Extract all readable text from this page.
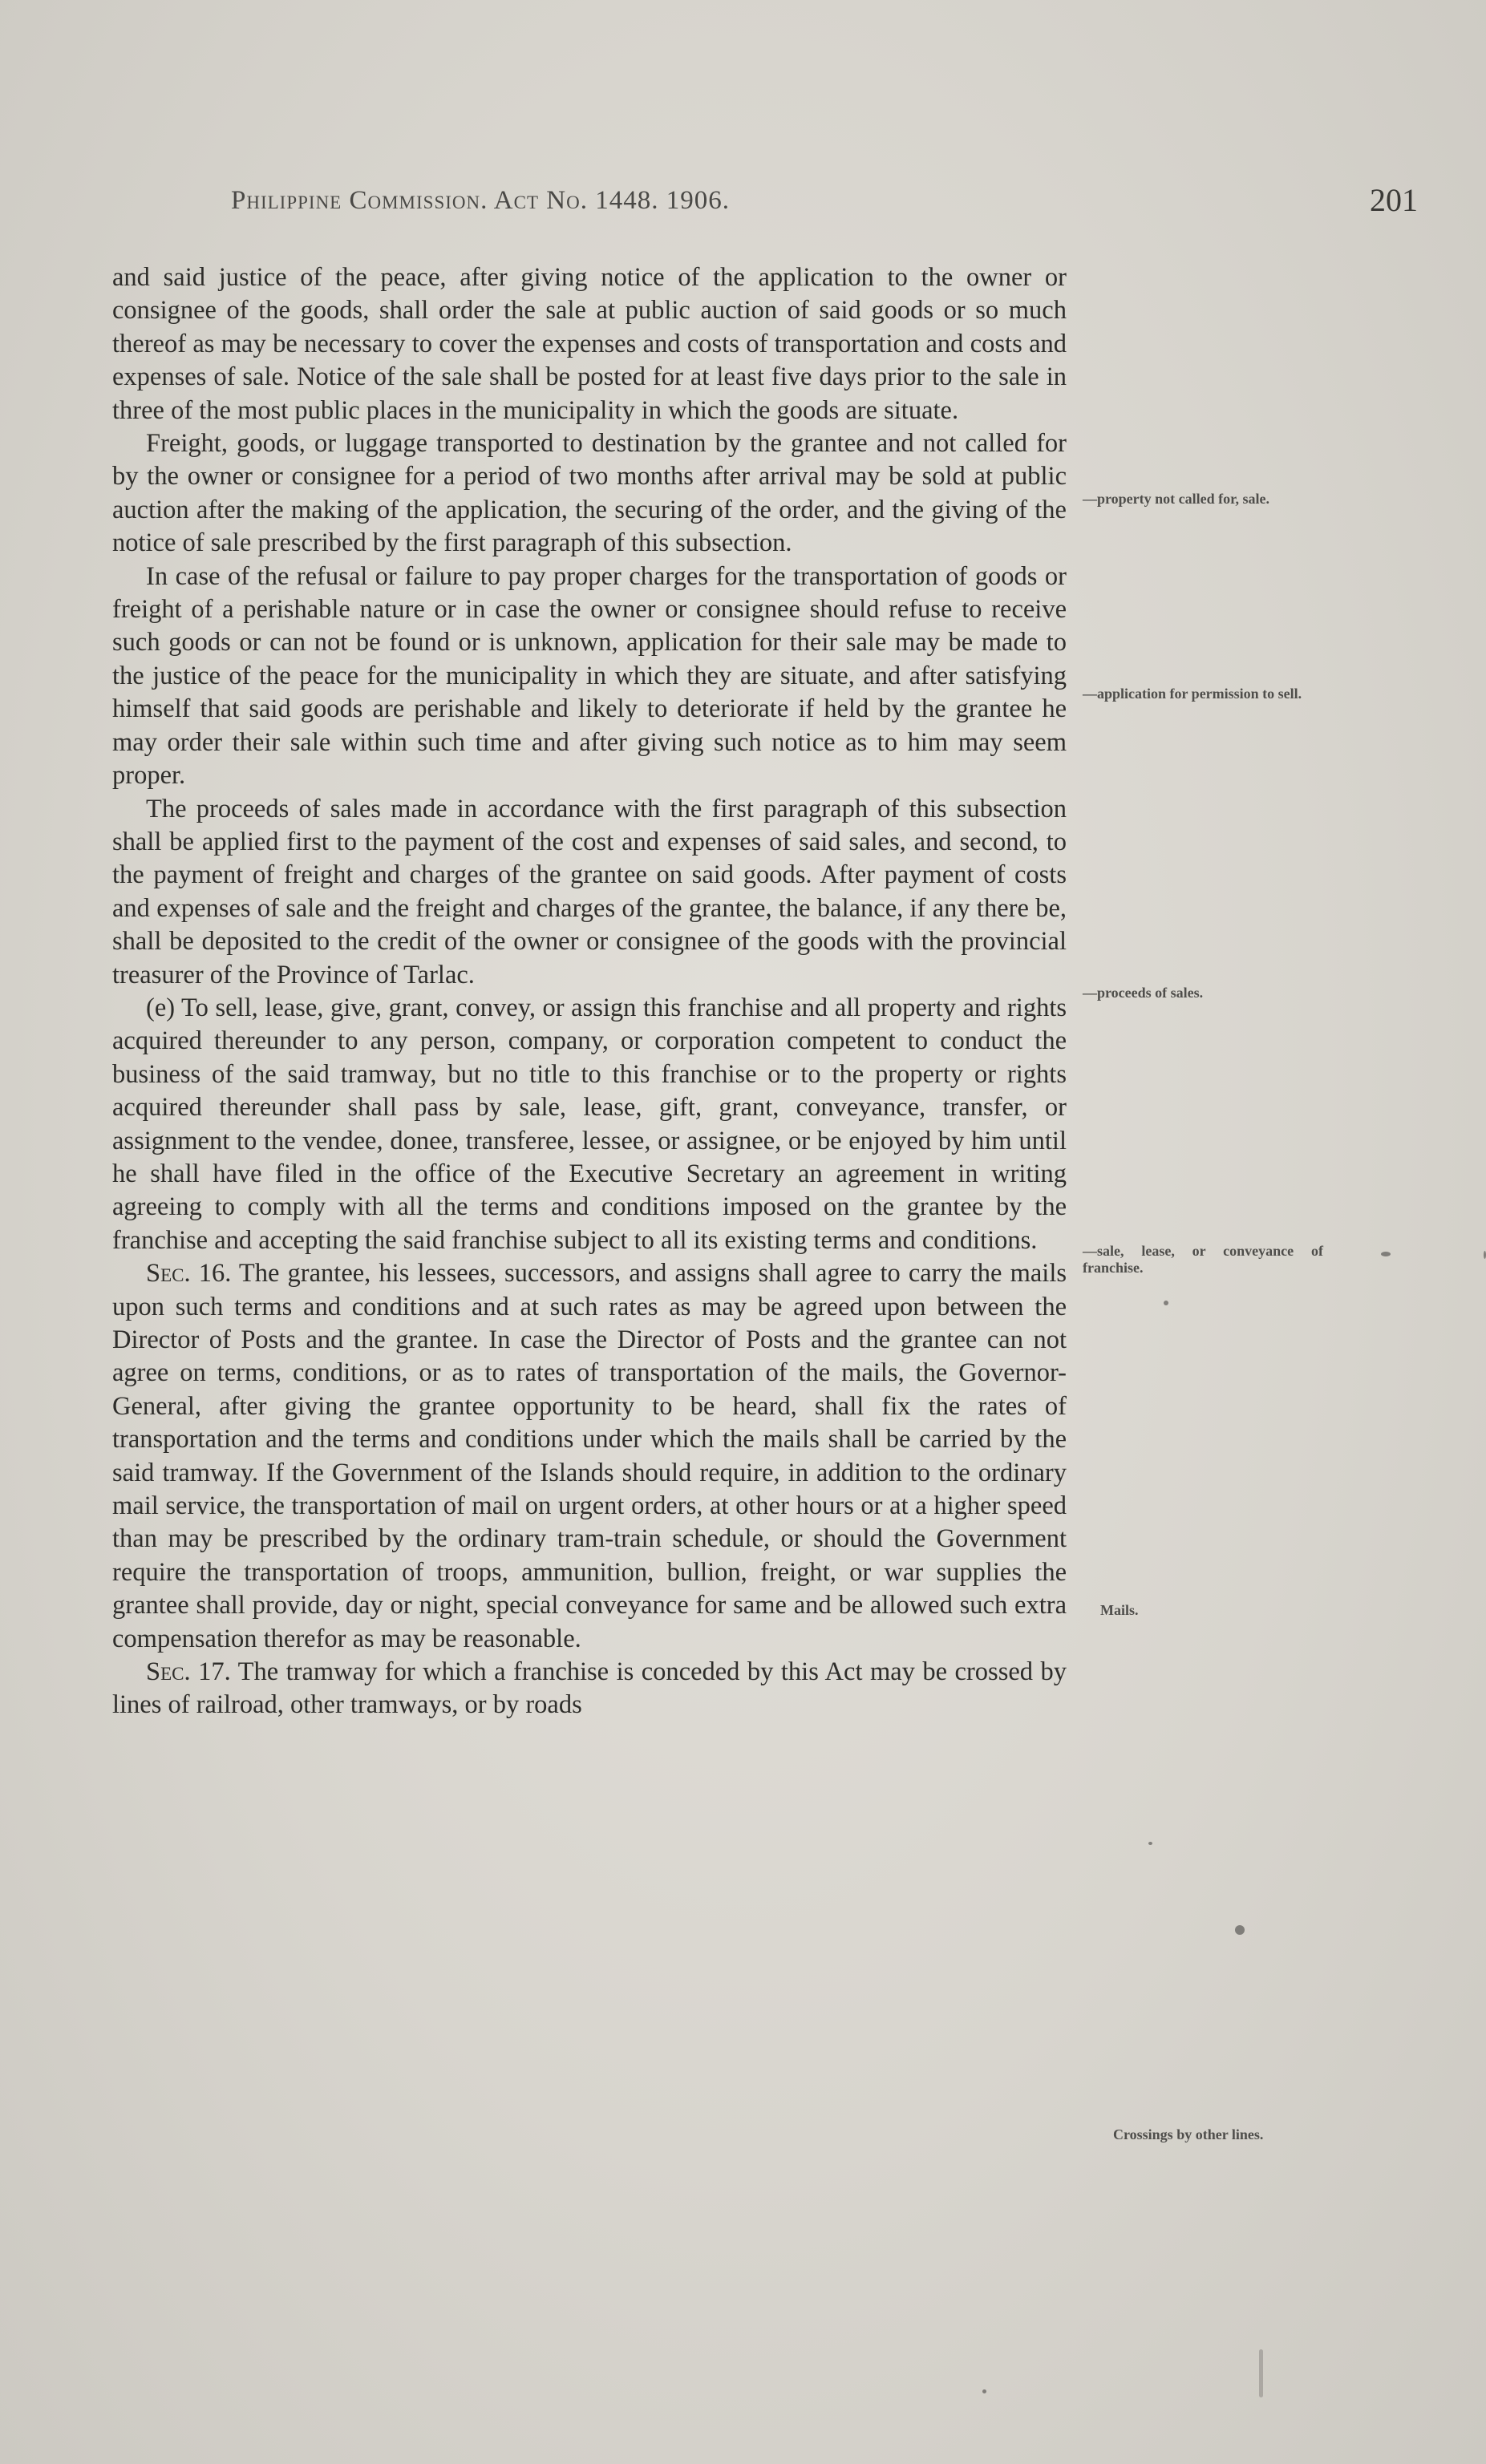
Philippine Commission. Act No. 1448. 1906.	201

and said justice of the peace, after giving notice of the application to the owner or consignee of the goods, shall order the sale at public auction of said goods or so much thereof as may be necessary to cover the expenses and costs of transportation and costs and expenses of sale. Notice of the sale shall be posted for at least five days prior to the sale in three of the most public places in the municipality in which the goods are situate.

Freight, goods, or luggage transported to destination by the grantee and not called for by the owner or consignee for a period of two months after arrival may be sold at public auction after the making of the application, the securing of the order, and the giving of the notice of sale prescribed by the first paragraph of this subsection.

In case of the refusal or failure to pay proper charges for the transportation of goods or freight of a perishable nature or in case the owner or consignee should refuse to receive such goods or can not be found or is unknown, application for their sale may be made to the justice of the peace for the municipality in which they are situate, and after satisfying himself that said goods are perishable and likely to deteriorate if held by the grantee he may order their sale within such time and after giving such notice as to him may seem proper.

The proceeds of sales made in accordance with the first paragraph of this subsection shall be applied first to the payment of the cost and expenses of said sales, and second, to the payment of freight and charges of the grantee on said goods. After payment of costs and expenses of sale and the freight and charges of the grantee, the balance, if any there be, shall be deposited to the credit of the owner or consignee of the goods with the provincial treasurer of the Province of Tarlac.

(e) To sell, lease, give, grant, convey, or assign this franchise and all property and rights acquired thereunder to any person, company, or corporation competent to conduct the business of the said tramway, but no title to this franchise or to the property or rights acquired thereunder shall pass by sale, lease, gift, grant, conveyance, transfer, or assignment to the vendee, donee, transferee, lessee, or assignee, or be enjoyed by him until he shall have filed in the office of the Executive Secretary an agreement in writing agreeing to comply with all the terms and conditions imposed on the grantee by the franchise and accepting the said franchise subject to all its existing terms and conditions.

Sec. 16. The grantee, his lessees, successors, and assigns shall agree to carry the mails upon such terms and conditions and at such rates as may be agreed upon between the Director of Posts and the grantee. In case the Director of Posts and the grantee can not agree on terms, conditions, or as to rates of transportation of the mails, the Governor-General, after giving the grantee opportunity to be heard, shall fix the rates of transportation and the terms and conditions under which the mails shall be carried by the said tramway. If the Government of the Islands should require, in addition to the ordinary mail service, the transportation of mail on urgent orders, at other hours or at a higher speed than may be prescribed by the ordinary tram-train schedule, or should the Government require the transportation of troops, ammunition, bullion, freight, or war supplies the grantee shall provide, day or night, special conveyance for same and be allowed such extra compensation therefor as may be reasonable.

Sec. 17. The tramway for which a franchise is conceded by this Act may be crossed by lines of railroad, other tramways, or by roads

—property not called for, sale.
—application for permission to sell.
—proceeds of sales.
—sale, lease, or conveyance of franchise.
Mails.
Crossings by other lines.
